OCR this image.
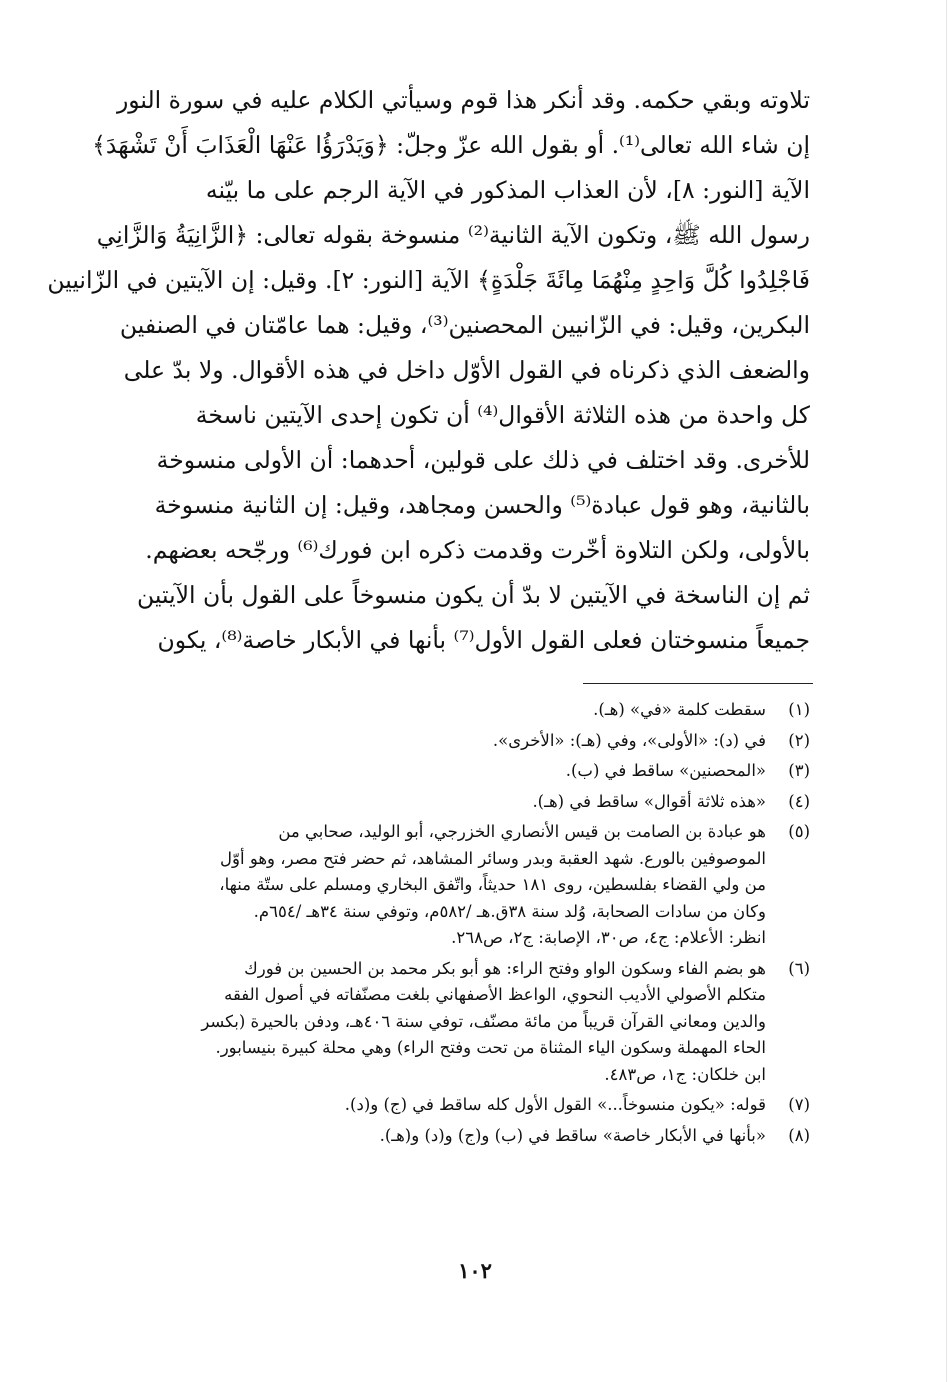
تلاوته وبقي حكمه. وقد أنكر هذا قوم وسيأتي الكلام عليه في سورة النور
إن شاء الله تعالى⁽¹⁾. أو بقول الله عزّ وجلّ: ﴿وَيَدْرَؤُا عَنْهَا الْعَذَابَ أَنْ تَشْهَدَ﴾
الآية [النور: ٨]، لأن العذاب المذكور في الآية الرجم على ما بيّنه
رسول الله ﷺ، وتكون الآية الثانية⁽²⁾ منسوخة بقوله تعالى: ﴿الزَّانِيَةُ وَالزَّانِي
فَاجْلِدُوا كُلَّ وَاحِدٍ مِنْهُمَا مِائَةَ جَلْدَةٍ﴾ الآية [النور: ٢]. وقيل: إن الآيتين في الزّانيين
البكرين، وقيل: في الزّانيين المحصنين⁽³⁾، وقيل: هما عامّتان في الصنفين
والضعف الذي ذكرناه في القول الأوّل داخل في هذه الأقوال. ولا بدّ على
كل واحدة من هذه الثلاثة الأقوال⁽⁴⁾ أن تكون إحدى الآيتين ناسخة
للأخرى. وقد اختلف في ذلك على قولين، أحدهما: أن الأولى منسوخة
بالثانية، وهو قول عبادة⁽⁵⁾ والحسن ومجاهد، وقيل: إن الثانية منسوخة
بالأولى، ولكن التلاوة أخّرت وقدمت ذكره ابن فورك⁽⁶⁾ ورجّحه بعضهم.
ثم إن الناسخة في الآيتين لا بدّ أن يكون منسوخاً على القول بأن الآيتين
جميعاً منسوختان فعلى القول الأول⁽⁷⁾ بأنها في الأبكار خاصة⁽⁸⁾، يكون
(١)
سقطت كلمة «في» (هـ).
(٢)
في (د): «الأولى»، وفي (هـ): «الأخرى».
(٣)
«المحصنين» ساقط في (ب).
(٤)
«هذه ثلاثة أقوال» ساقط في (هـ).
(٥)
هو عبادة بن الصامت بن قيس الأنصاري الخزرجي، أبو الوليد، صحابي من
الموصوفين بالورع. شهد العقبة وبدر وسائر المشاهد، ثم حضر فتح مصر، وهو أوّل
من ولي القضاء بفلسطين، روى ١٨١ حديثاً، واتّفق البخاري ومسلم على ستّة منها،
وكان من سادات الصحابة، وُلد سنة ٣٨ق.هـ /٥٨٢م، وتوفي سنة ٣٤هـ /٦٥٤م.
انظر: الأعلام: ج٤، ص٣٠، الإصابة: ج٢، ص٢٦٨.
(٦)
هو بضم الفاء وسكون الواو وفتح الراء: هو أبو بكر محمد بن الحسين بن فورك
متكلم الأصولي الأديب النحوي، الواعظ الأصفهاني بلغت مصنّفاته في أصول الفقه
والدين ومعاني القرآن قريباً من مائة مصنّف، توفي سنة ٤٠٦هـ، ودفن بالحيرة (بكسر
الحاء المهملة وسكون الياء المثناة من تحت وفتح الراء) وهي محلة كبيرة بنيسابور.
ابن خلكان: ج١، ص٤٨٣.
(٧)
قوله: «يكون منسوخاً...» القول الأول كله ساقط في (ج) و(د).
(٨)
«بأنها في الأبكار خاصة» ساقط في (ب) و(ج) و(د) و(هـ).
١٠٢
